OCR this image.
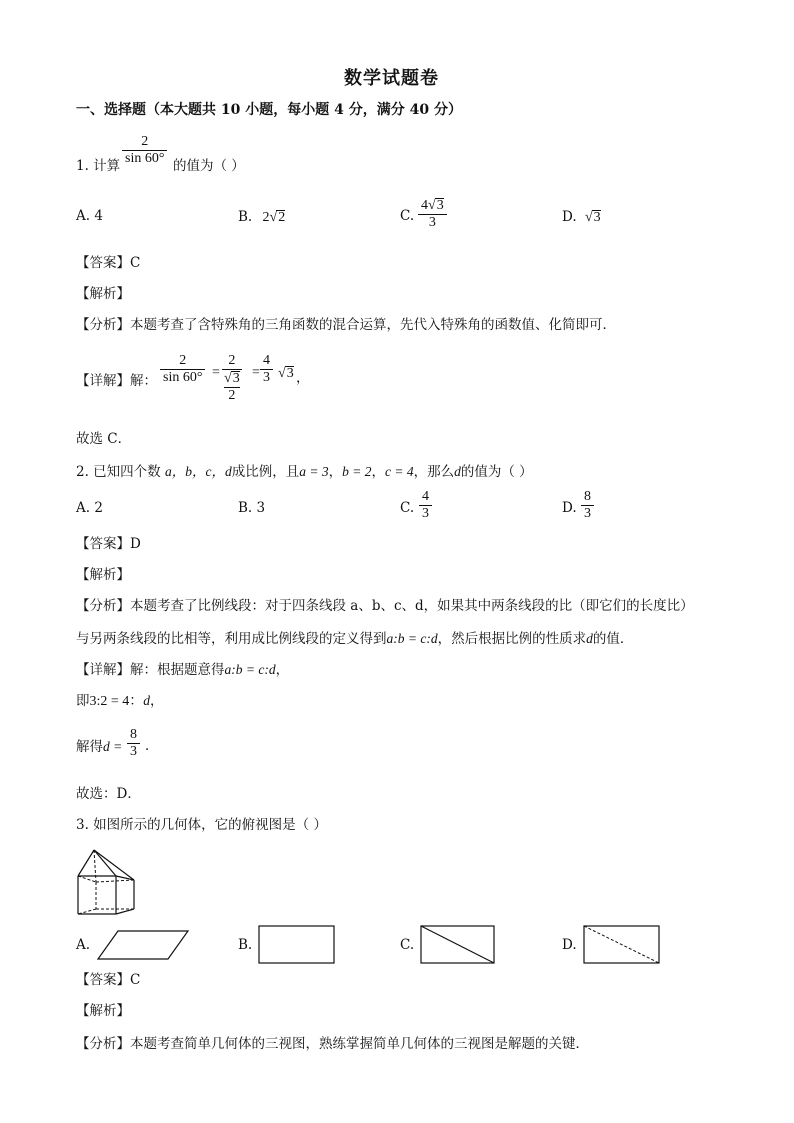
数学试题卷
一、选择题（本大题共 10 小题，每小题 4 分，满分 40 分）
1. 计算
2
sin 60° 的值为（ ）
A. 4	B. 2√2	C.
4√3
3	D. √3
【答案】C
【解析】
【分析】本题考查了含特殊角的三角函数的混合运算，先代入特殊角的函数值、化简即可．
【详解】解：
2
sin 60° =
2
√3
2
=
4
3 √3 ，
故选 C．
2. 已知四个数 a，b，c，d成比例，且a = 3，b = 2，c = 4，那么d的值为（ ）
A. 2	B. 3	C.
4
3	D.
8
3
【答案】D
【解析】
【分析】本题考查了比例线段：对于四条线段 a、b、c、d，如果其中两条线段的比（即它们的长度比）
与另两条线段的比相等，利用成比例线段的定义得到a:b = c:d，然后根据比例的性质求d的值．
【详解】解：根据题意得a:b = c:d，
即3:2 = 4：d，
解得d =
8
3 ．
故选：D．
3. 如图所示的几何体，它的俯视图是（ ）
A.	B.	C.	D.
【答案】C
【解析】
【分析】本题考查简单几何体的三视图，熟练掌握简单几何体的三视图是解题的关键．
